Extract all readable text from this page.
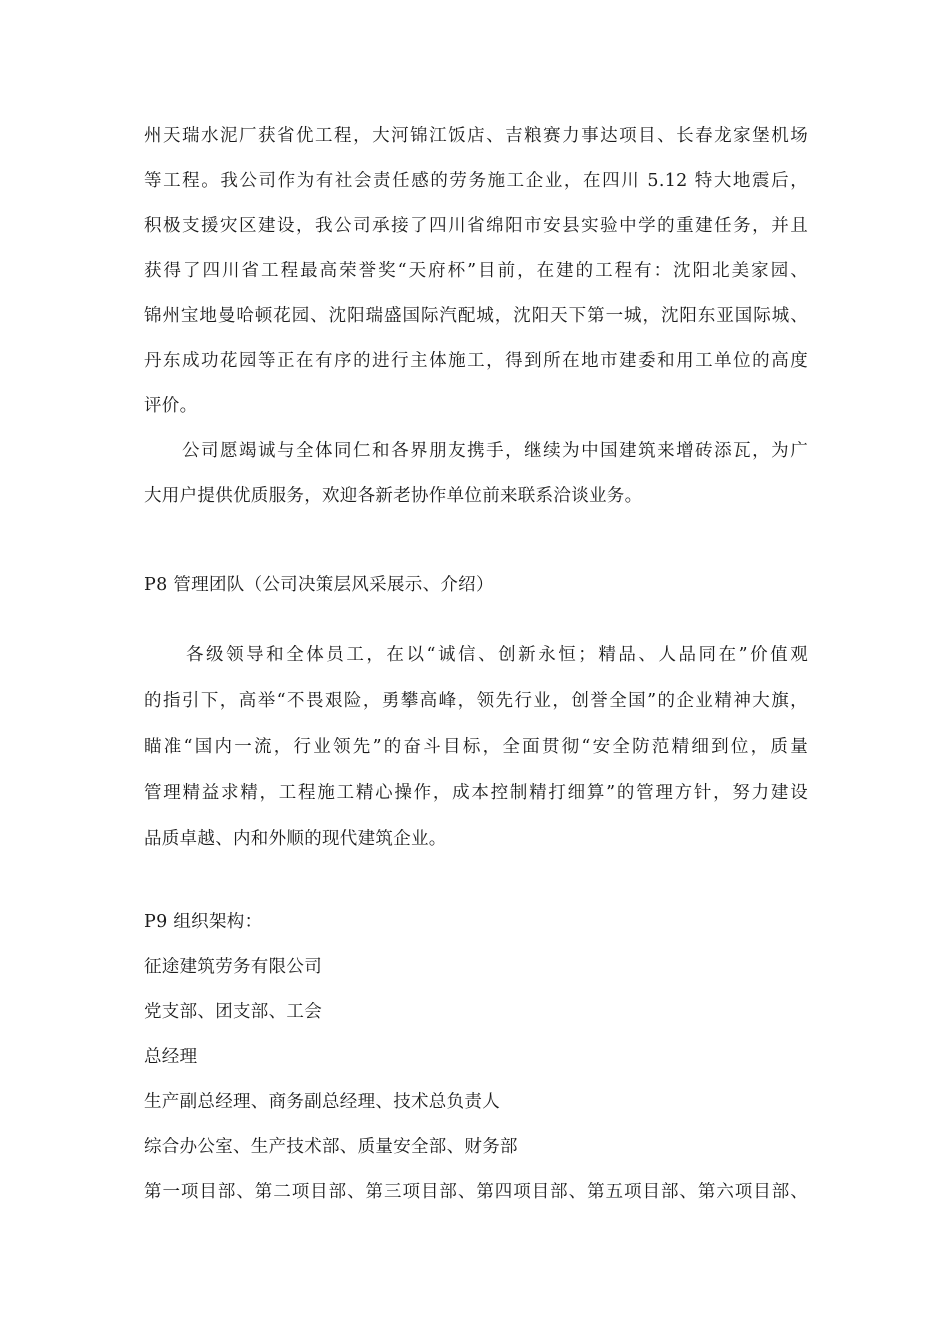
州天瑞水泥厂获省优工程，大河锦江饭店、吉粮赛力事达项目、长春龙家堡机场
等工程。我公司作为有社会责任感的劳务施工企业，在四川 5.12 特大地震后，
积极支援灾区建设，我公司承接了四川省绵阳市安县实验中学的重建任务，并且
获得了四川省工程最高荣誉奖“天府杯”目前，在建的工程有：沈阳北美家园、
锦州宝地曼哈顿花园、沈阳瑞盛国际汽配城，沈阳天下第一城，沈阳东亚国际城、
丹东成功花园等正在有序的进行主体施工，得到所在地市建委和用工单位的高度
评价。
公司愿竭诚与全体同仁和各界朋友携手，继续为中国建筑来增砖添瓦，为广
大用户提供优质服务，欢迎各新老协作单位前来联系洽谈业务。
P8 管理团队（公司决策层风采展示、介绍）
各级领导和全体员工，在以“诚信、创新永恒；精品、人品同在”价值观
的指引下，高举“不畏艰险，勇攀高峰，领先行业，创誉全国”的企业精神大旗，
瞄准“国内一流，行业领先”的奋斗目标，全面贯彻“安全防范精细到位，质量
管理精益求精，工程施工精心操作，成本控制精打细算”的管理方针，努力建设
品质卓越、内和外顺的现代建筑企业。
P9 组织架构：
征途建筑劳务有限公司
党支部、团支部、工会
总经理
生产副总经理、商务副总经理、技术总负责人
综合办公室、生产技术部、质量安全部、财务部
第一项目部、第二项目部、第三项目部、第四项目部、第五项目部、第六项目部、
